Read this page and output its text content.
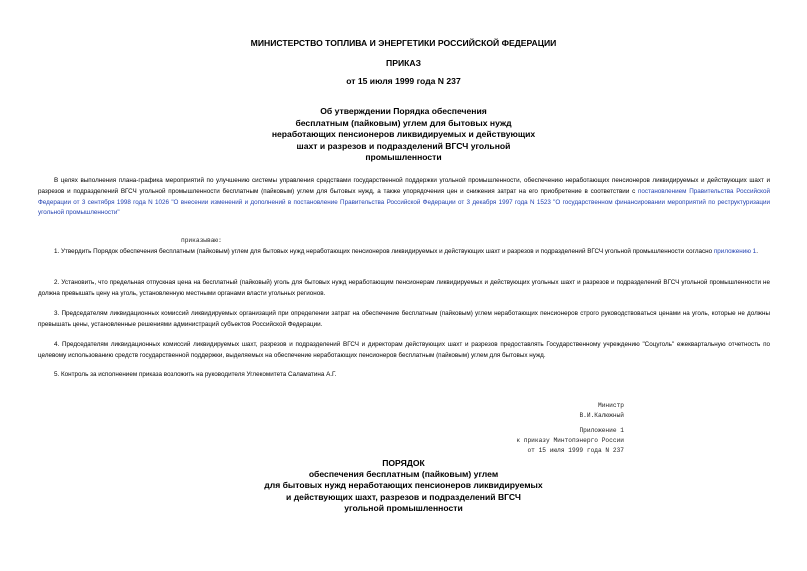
МИНИСТЕРСТВО ТОПЛИВА И ЭНЕРГЕТИКИ РОССИЙСКОЙ ФЕДЕРАЦИИ
ПРИКАЗ
от 15 июля 1999 года N 237
Об утверждении Порядка обеспечения
бесплатным (пайковым) углем для бытовых нужд
неработающих пенсионеров ликвидируемых и действующих
шахт и разрезов и подразделений ВГСЧ угольной
промышленности

В целях выполнения плана-графика мероприятий по улучшению системы управления средствами государственной поддержки угольной промышленности, обеспечению неработающих пенсионеров ликвидируемых и действующих шахт и разрезов и подразделений ВГСЧ угольной промышленности бесплатным (пайковым) углем для бытовых нужд, а также упорядочения цен и снижения затрат на его приобретение в соответствии с постановлением Правительства Российской Федерации от 3 сентября 1998 года N 1026 "О внесении изменений и дополнений в постановление Правительства Российской Федерации от 3 декабря 1997 года N 1523 "О государственном финансировании мероприятий по реструктуризации угольной промышленности"

приказываю:

1. Утвердить Порядок обеспечения бесплатным (пайковым) углем для бытовых нужд неработающих пенсионеров ликвидируемых и действующих шахт и разрезов и подразделений ВГСЧ угольной промышленности согласно приложению 1.

2. Установить, что предельная отпускная цена на бесплатный (пайковый) уголь для бытовых нужд неработающим пенсионерам ликвидируемых и действующих угольных шахт и разрезов и подразделений ВГСЧ угольной промышленности не должна превышать цену на уголь, установленную местными органами власти угольных регионов.

3. Председателям ликвидационных комиссий ликвидируемых организаций при определении затрат на обеспечение бесплатным (пайковым) углем неработающих пенсионеров строго руководствоваться ценами на уголь, которые не должны превышать цены, установленные решениями администраций субъектов Российской Федерации.

4. Председателям ликвидационных комиссий ликвидируемых шахт, разрезов и подразделений ВГСЧ и директорам действующих шахт и разрезов предоставлять Государственному учреждению "Соцуголь" ежеквартальную отчетность по целевому использованию средств государственной поддержки, выделяемых на обеспечение неработающих пенсионеров бесплатным (пайковым) углем для бытовых нужд.

5. Контроль за исполнением приказа возложить на руководителя Углекомитета Саламатина А.Г.

Министр
В.И.Калюжный
Приложение 1
к приказу Минтопэнерго России
от 15 июля 1999 года N 237
ПОРЯДОК
обеспечения бесплатным (пайковым) углем
для бытовых нужд неработающих пенсионеров ликвидируемых
и действующих шахт, разрезов и подразделений ВГСЧ
угольной промышленности
